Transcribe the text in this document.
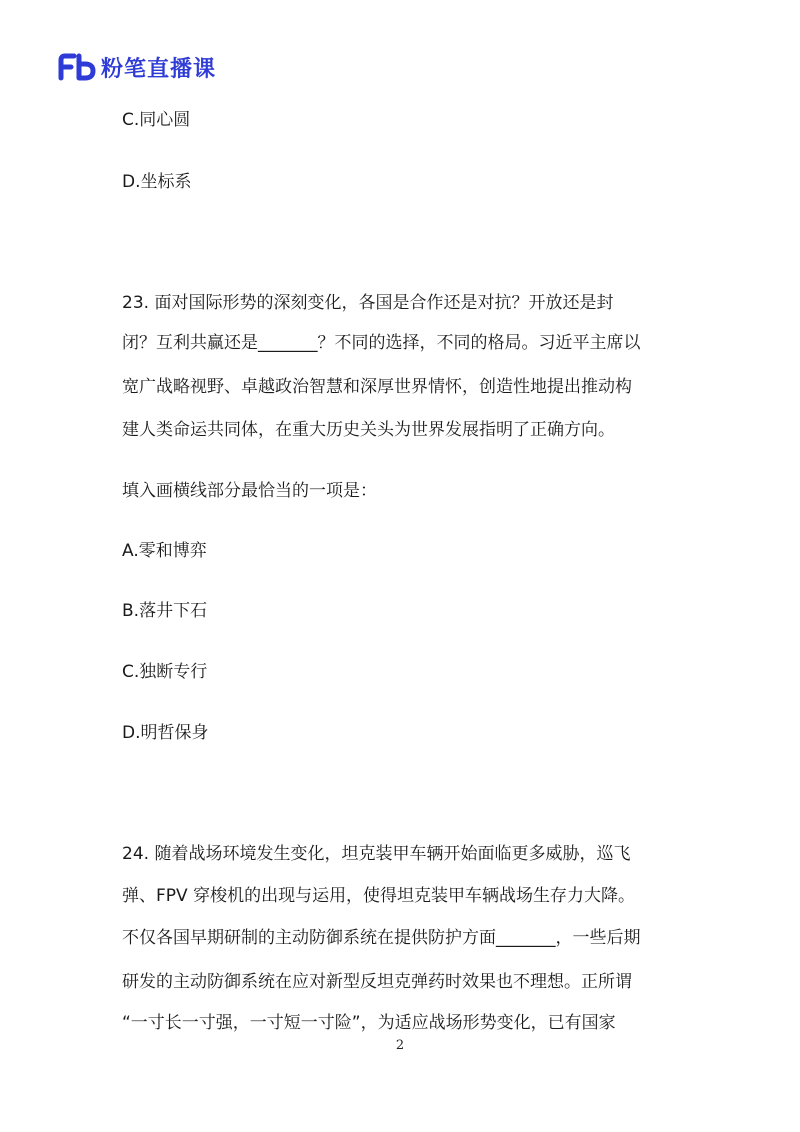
粉笔直播课
C.同心圆
D.坐标系
23. 面对国际形势的深刻变化，各国是合作还是对抗？开放还是封
闭？互利共赢还是_______？不同的选择，不同的格局。习近平主席以
宽广战略视野、卓越政治智慧和深厚世界情怀，创造性地提出推动构
建人类命运共同体，在重大历史关头为世界发展指明了正确方向。
填入画横线部分最恰当的一项是：
A.零和博弈
B.落井下石
C.独断专行
D.明哲保身
24. 随着战场环境发生变化，坦克装甲车辆开始面临更多威胁，巡飞
弹、FPV 穿梭机的出现与运用，使得坦克装甲车辆战场生存力大降。
不仅各国早期研制的主动防御系统在提供防护方面_______，一些后期
研发的主动防御系统在应对新型反坦克弹药时效果也不理想。正所谓
“一寸长一寸强，一寸短一寸险”，为适应战场形势变化，已有国家
2
